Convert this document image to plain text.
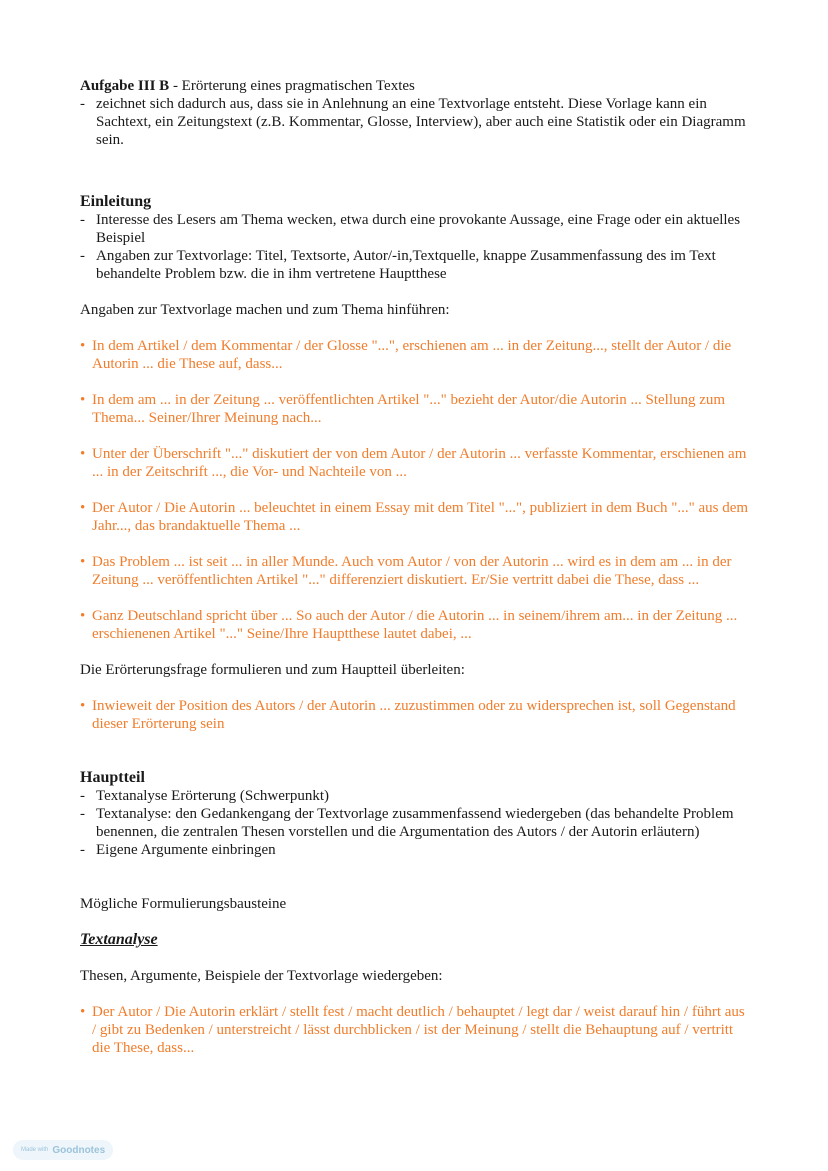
Aufgabe III B - Erörterung eines pragmatischen Textes

- zeichnet sich dadurch aus, dass sie in Anlehnung an eine Textvorlage entsteht. Diese Vorlage kann ein Sachtext, ein Zeitungstext (z.B. Kommentar, Glosse, Interview), aber auch eine Statistik oder ein Diagramm sein.

Einleitung

- Interesse des Lesers am Thema wecken, etwa durch eine provokante Aussage, eine Frage oder ein aktuelles Beispiel
- Angaben zur Textvorlage: Titel, Textsorte, Autor/-in,Textquelle, knappe Zusammenfassung des im Text behandelte Problem bzw. die in ihm vertretene Hauptthese

Angaben zur Textvorlage machen und zum Thema hinführen:

• In dem Artikel / dem Kommentar / der Glosse "...", erschienen am ... in der Zeitung..., stellt der Autor / die Autorin ... die These auf, dass...
• In dem am ... in der Zeitung ... veröffentlichten Artikel "..." bezieht der Autor/die Autorin ... Stellung zum Thema... Seiner/Ihrer Meinung nach...
• Unter der Überschrift "..." diskutiert der von dem Autor / der Autorin ... verfasste Kommentar, erschienen am ... in der Zeitschrift ..., die Vor- und Nachteile von ...
• Der Autor / Die Autorin ... beleuchtet in einem Essay mit dem Titel "...", publiziert in dem Buch "..." aus dem Jahr..., das brandaktuelle Thema ...
• Das Problem ... ist seit ... in aller Munde. Auch vom Autor / von der Autorin ... wird es in dem am ... in der Zeitung ... veröffentlichten Artikel "..." differenziert diskutiert. Er/Sie vertritt dabei die These, dass ...
• Ganz Deutschland spricht über ... So auch der Autor / die Autorin ... in seinem/ihrem am... in der Zeitung ... erschienenen Artikel "..." Seine/Ihre Hauptthese lautet dabei, ...

Die Erörterungsfrage formulieren und zum Hauptteil überleiten:

• Inwieweit der Position des Autors / der Autorin ... zuzustimmen oder zu widersprechen ist, soll Gegenstand dieser Erörterung sein

Hauptteil

- Textanalyse Erörterung (Schwerpunkt)
- Textanalyse: den Gedankengang der Textvorlage zusammenfassend wiedergeben (das behandelte Problem benennen, die zentralen Thesen vorstellen und die Argumentation des Autors / der Autorin erläutern)
- Eigene Argumente einbringen

Mögliche Formulierungsbausteine

Textanalyse

Thesen, Argumente, Beispiele der Textvorlage wiedergeben:

• Der Autor / Die Autorin erklärt / stellt fest / macht deutlich / behauptet / legt dar / weist darauf hin / führt aus / gibt zu Bedenken / unterstreicht / lässt durchblicken / ist der Meinung / stellt die Behauptung auf / vertritt die These, dass...
Made with Goodnotes
